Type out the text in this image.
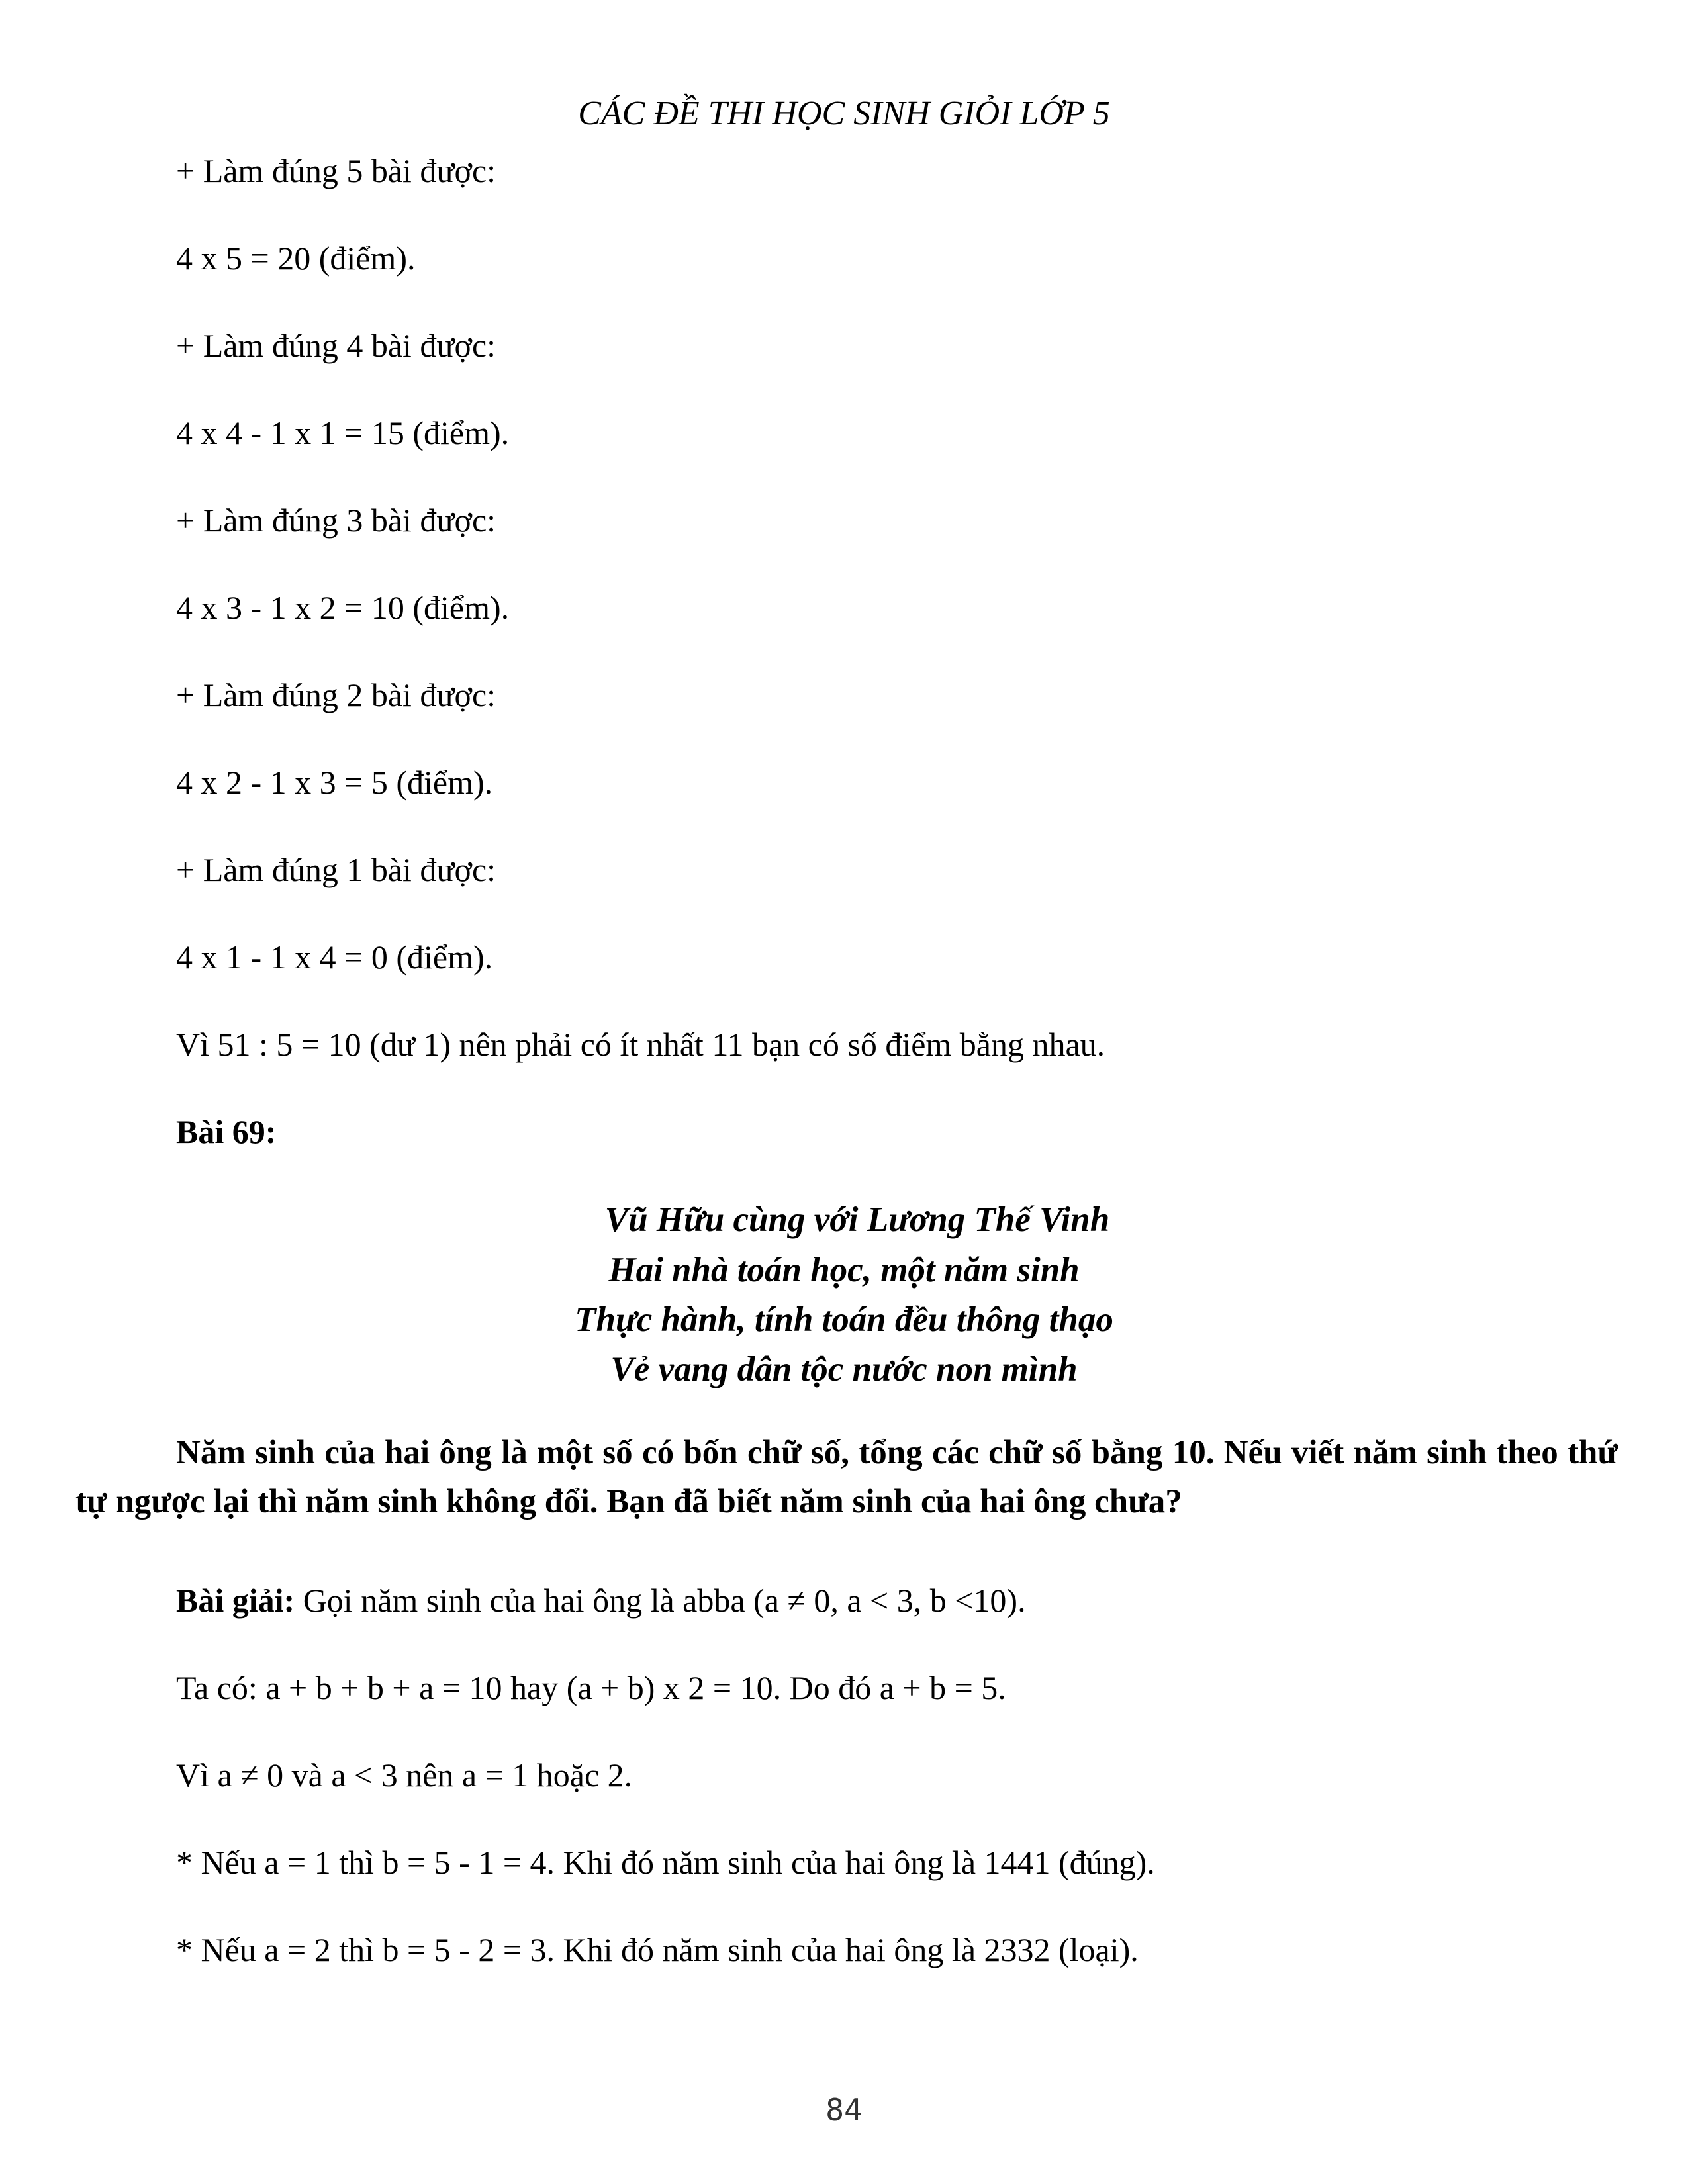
CÁC ĐỀ THI HỌC SINH GIỎI LỚP 5
+ Làm đúng 5 bài được:
4 x 5 = 20 (điểm).
+ Làm đúng 4 bài được:
4 x 4 - 1 x 1 = 15 (điểm).
+ Làm đúng 3 bài được:
4 x 3 - 1 x 2 = 10 (điểm).
+ Làm đúng 2 bài được:
4 x 2 - 1 x 3 = 5 (điểm).
+ Làm đúng 1 bài được:
4 x 1 - 1 x 4 = 0 (điểm).
Vì 51 : 5 = 10 (dư 1) nên phải có ít nhất 11 bạn có số điểm bằng nhau.
Bài 69:
Vũ Hữu cùng với Lương Thế Vinh
Hai nhà toán học, một năm sinh
Thực hành, tính toán đều thông thạo
Vẻ vang dân tộc nước non mình
Năm sinh của hai ông là một số có bốn chữ số, tổng các chữ số bằng 10. Nếu viết năm sinh theo thứ tự ngược lại thì năm sinh không đổi. Bạn đã biết năm sinh của hai ông chưa?
Bài giải: Gọi năm sinh của hai ông là abba (a ≠ 0, a < 3, b <10).
Ta có: a + b + b + a = 10 hay (a + b) x 2 = 10. Do đó a + b = 5.
Vì a ≠ 0 và a < 3 nên a = 1 hoặc 2.
* Nếu a = 1 thì b = 5 - 1 = 4. Khi đó năm sinh của hai ông là 1441 (đúng).
* Nếu a = 2 thì b = 5 - 2 = 3. Khi đó năm sinh của hai ông là 2332 (loại).
84
